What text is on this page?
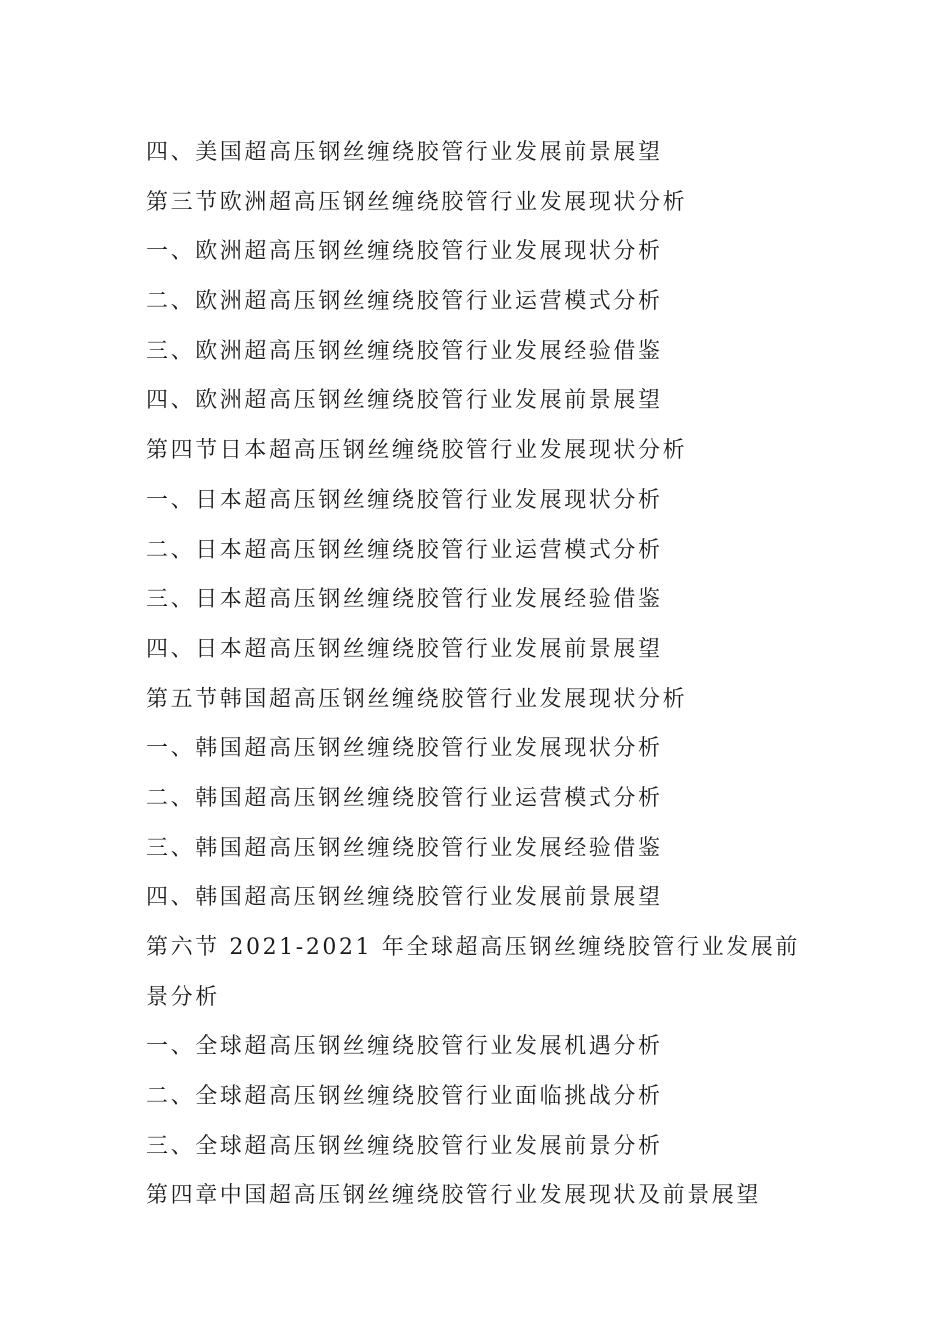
四、美国超高压钢丝缠绕胶管行业发展前景展望
第三节欧洲超高压钢丝缠绕胶管行业发展现状分析
一、欧洲超高压钢丝缠绕胶管行业发展现状分析
二、欧洲超高压钢丝缠绕胶管行业运营模式分析
三、欧洲超高压钢丝缠绕胶管行业发展经验借鉴
四、欧洲超高压钢丝缠绕胶管行业发展前景展望
第四节日本超高压钢丝缠绕胶管行业发展现状分析
一、日本超高压钢丝缠绕胶管行业发展现状分析
二、日本超高压钢丝缠绕胶管行业运营模式分析
三、日本超高压钢丝缠绕胶管行业发展经验借鉴
四、日本超高压钢丝缠绕胶管行业发展前景展望
第五节韩国超高压钢丝缠绕胶管行业发展现状分析
一、韩国超高压钢丝缠绕胶管行业发展现状分析
二、韩国超高压钢丝缠绕胶管行业运营模式分析
三、韩国超高压钢丝缠绕胶管行业发展经验借鉴
四、韩国超高压钢丝缠绕胶管行业发展前景展望
第六节 2021-2021 年全球超高压钢丝缠绕胶管行业发展前
景分析
一、全球超高压钢丝缠绕胶管行业发展机遇分析
二、全球超高压钢丝缠绕胶管行业面临挑战分析
三、全球超高压钢丝缠绕胶管行业发展前景分析
第四章中国超高压钢丝缠绕胶管行业发展现状及前景展望
